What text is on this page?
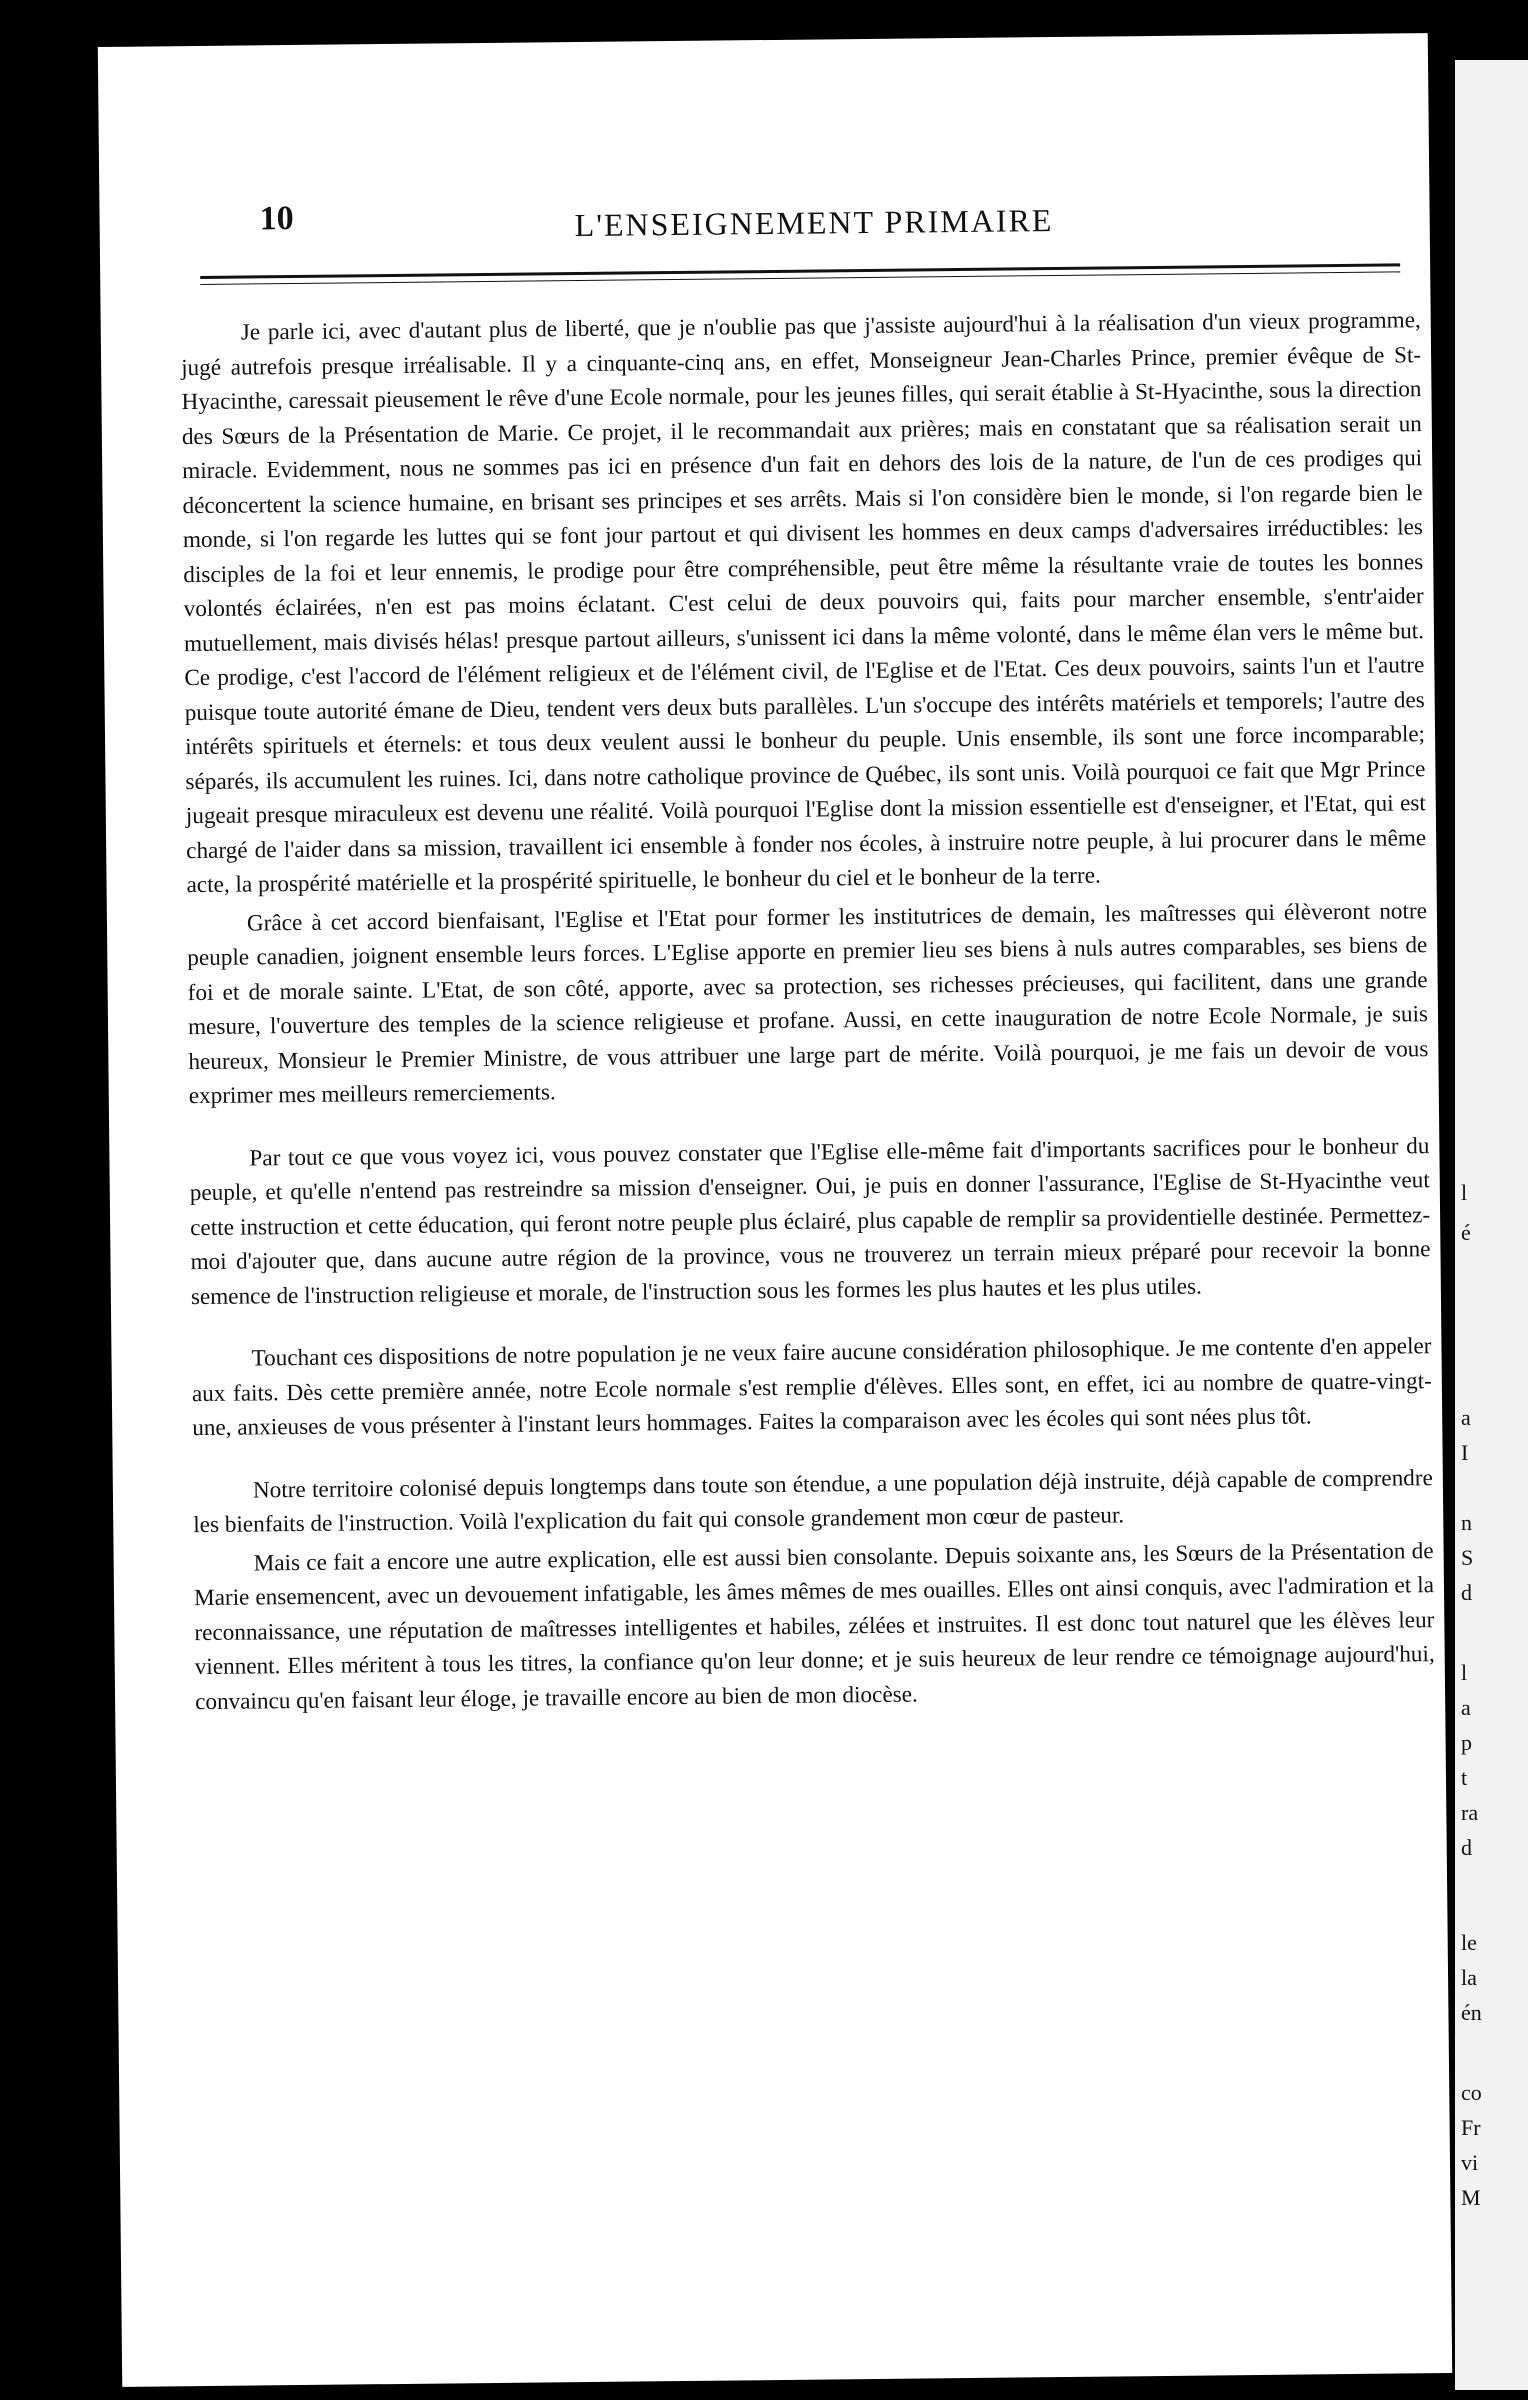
l
é
a
I
n
S
d
l
a
p
t
ra
d
le
la
én
co
Fr
vi
M
10	L'ENSEIGNEMENT PRIMAIRE

Je parle ici, avec d'autant plus de liberté, que je n'oublie pas que j'assiste aujourd'hui à la réalisation d'un vieux programme, jugé autrefois presque irréalisable. Il y a cinquante-cinq ans, en effet, Monseigneur Jean-Charles Prince, premier évêque de St-Hyacinthe, caressait pieusement le rêve d'une Ecole normale, pour les jeunes filles, qui serait établie à St-Hyacinthe, sous la direction des Sœurs de la Présentation de Marie. Ce projet, il le recommandait aux prières; mais en constatant que sa réalisation serait un miracle. Evidemment, nous ne sommes pas ici en présence d'un fait en dehors des lois de la nature, de l'un de ces prodiges qui déconcertent la science humaine, en brisant ses principes et ses arrêts. Mais si l'on considère bien le monde, si l'on regarde bien le monde, si l'on regarde les luttes qui se font jour partout et qui divisent les hommes en deux camps d'adversaires irréductibles: les disciples de la foi et leur ennemis, le prodige pour être compréhensible, peut être même la résultante vraie de toutes les bonnes volontés éclairées, n'en est pas moins éclatant. C'est celui de deux pouvoirs qui, faits pour marcher ensemble, s'entr'aider mutuellement, mais divisés hélas! presque partout ailleurs, s'unissent ici dans la même volonté, dans le même élan vers le même but. Ce prodige, c'est l'accord de l'élément religieux et de l'élément civil, de l'Eglise et de l'Etat. Ces deux pouvoirs, saints l'un et l'autre puisque toute autorité émane de Dieu, tendent vers deux buts parallèles. L'un s'occupe des intérêts matériels et temporels; l'autre des intérêts spirituels et éternels: et tous deux veulent aussi le bonheur du peuple. Unis ensemble, ils sont une force incomparable; séparés, ils accumulent les ruines. Ici, dans notre catholique province de Québec, ils sont unis. Voilà pourquoi ce fait que Mgr Prince jugeait presque miraculeux est devenu une réalité. Voilà pourquoi l'Eglise dont la mission essentielle est d'enseigner, et l'Etat, qui est chargé de l'aider dans sa mission, travaillent ici ensemble à fonder nos écoles, à instruire notre peuple, à lui procurer dans le même acte, la prospérité matérielle et la prospérité spirituelle, le bonheur du ciel et le bonheur de la terre.

Grâce à cet accord bienfaisant, l'Eglise et l'Etat pour former les institutrices de demain, les maîtresses qui élèveront notre peuple canadien, joignent ensemble leurs forces. L'Eglise apporte en premier lieu ses biens à nuls autres comparables, ses biens de foi et de morale sainte. L'Etat, de son côté, apporte, avec sa protection, ses richesses précieuses, qui facilitent, dans une grande mesure, l'ouverture des temples de la science religieuse et profane. Aussi, en cette inauguration de notre Ecole Normale, je suis heureux, Monsieur le Premier Ministre, de vous attribuer une large part de mérite. Voilà pourquoi, je me fais un devoir de vous exprimer mes meilleurs remerciements.

Par tout ce que vous voyez ici, vous pouvez constater que l'Eglise elle-même fait d'importants sacrifices pour le bonheur du peuple, et qu'elle n'entend pas restreindre sa mission d'enseigner. Oui, je puis en donner l'assurance, l'Eglise de St-Hyacinthe veut cette instruction et cette éducation, qui feront notre peuple plus éclairé, plus capable de remplir sa providentielle destinée. Permettez-moi d'ajouter que, dans aucune autre région de la province, vous ne trouverez un terrain mieux préparé pour recevoir la bonne semence de l'instruction religieuse et morale, de l'instruction sous les formes les plus hautes et les plus utiles.

Touchant ces dispositions de notre population je ne veux faire aucune considération philosophique. Je me contente d'en appeler aux faits. Dès cette première année, notre Ecole normale s'est remplie d'élèves. Elles sont, en effet, ici au nombre de quatre-vingt-une, anxieuses de vous présenter à l'instant leurs hommages. Faites la comparaison avec les écoles qui sont nées plus tôt.

Notre territoire colonisé depuis longtemps dans toute son étendue, a une population déjà instruite, déjà capable de comprendre les bienfaits de l'instruction. Voilà l'explication du fait qui console grandement mon cœur de pasteur.

Mais ce fait a encore une autre explication, elle est aussi bien consolante. Depuis soixante ans, les Sœurs de la Présentation de Marie ensemencent, avec un devouement infatigable, les âmes mêmes de mes ouailles. Elles ont ainsi conquis, avec l'admiration et la reconnaissance, une réputation de maîtresses intelligentes et habiles, zélées et instruites. Il est donc tout naturel que les élèves leur viennent. Elles méritent à tous les titres, la confiance qu'on leur donne; et je suis heureux de leur rendre ce témoignage aujourd'hui, convaincu qu'en faisant leur éloge, je travaille encore au bien de mon diocèse.
